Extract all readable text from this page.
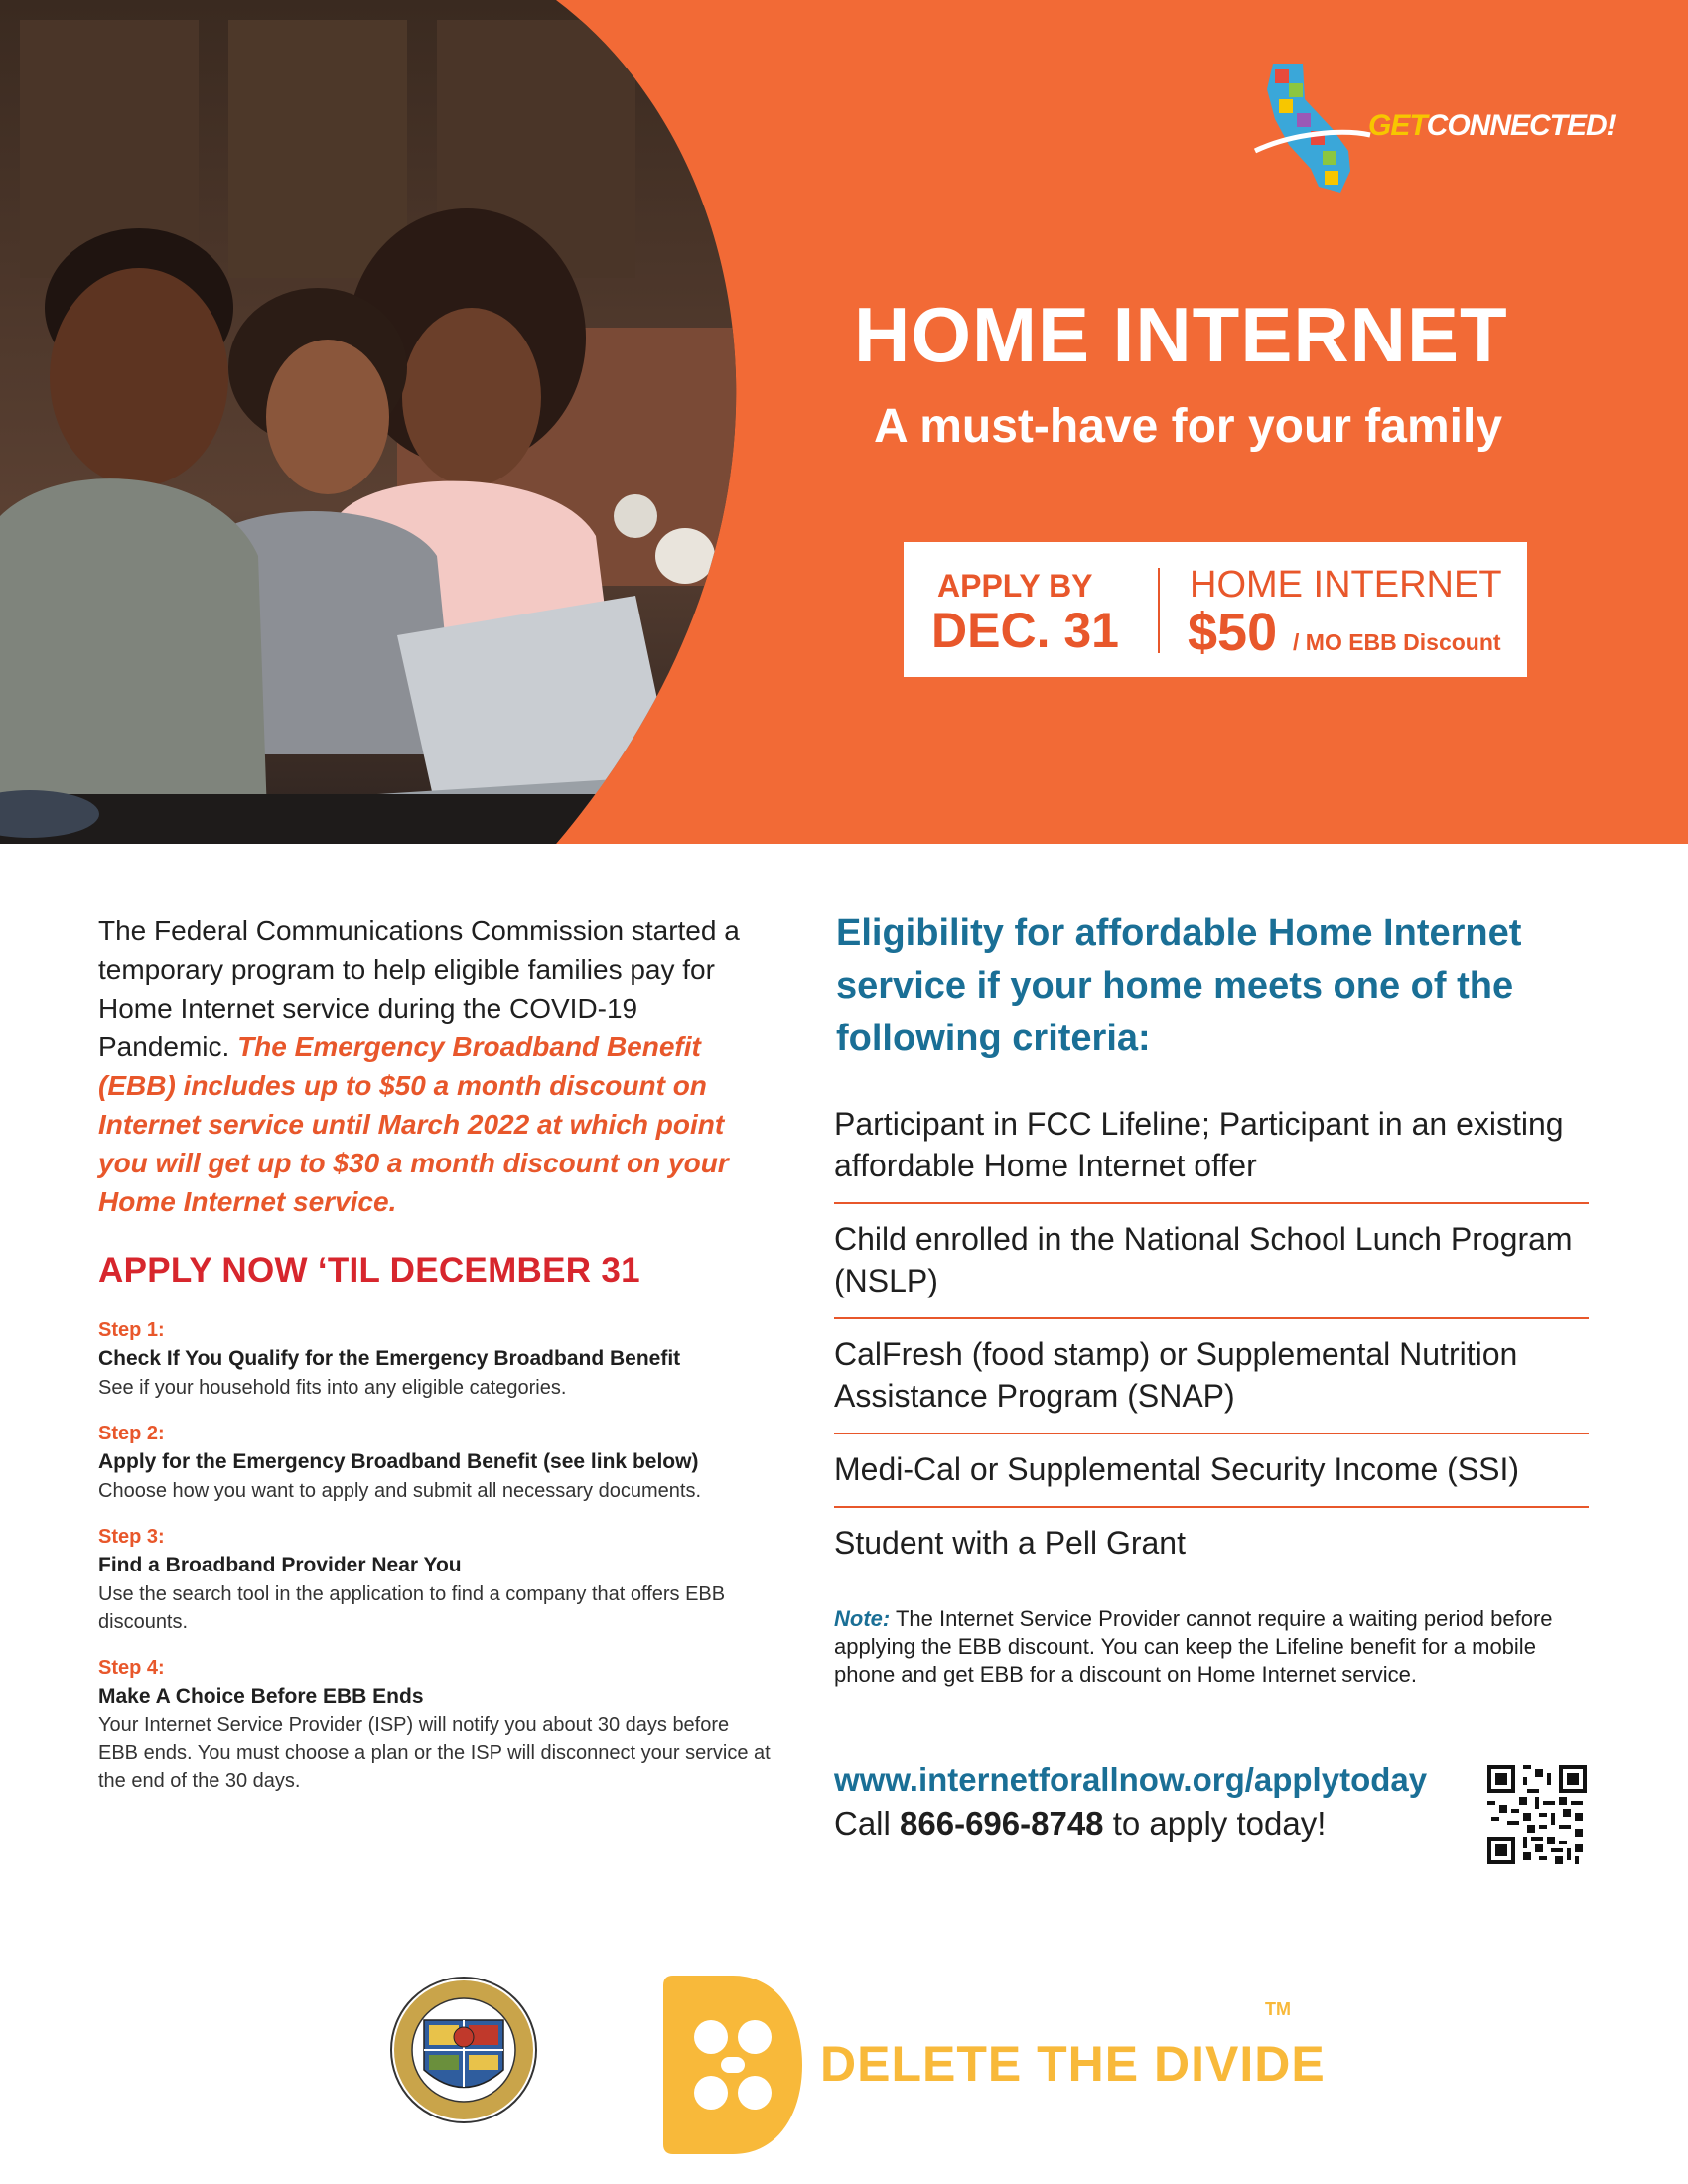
GETCONNECTED!
HOME INTERNET
A must-have for your family
APPLY BY
DEC. 31
HOME INTERNET
$50 / MO EBB Discount

The Federal Communications Commission started a temporary program to help eligible families pay for Home Internet service during the COVID-19 Pandemic. The Emergency Broadband Benefit (EBB) includes up to $50 a month discount on Internet service until March 2022 at which point you will get up to $30 a month discount on your Home Internet service.

APPLY NOW ‘TIL DECEMBER 31
Step 1:
Check If You Qualify for the Emergency Broadband Benefit
See if your household fits into any eligible categories.
Step 2:
Apply for the Emergency Broadband Benefit (see link below)
Choose how you want to apply and submit all necessary documents.
Step 3:
Find a Broadband Provider Near You
Use the search tool in the application to find a company that offers EBB discounts.
Step 4:
Make A Choice Before EBB Ends
Your Internet Service Provider (ISP) will notify you about 30 days before EBB ends. You must choose a plan or the ISP will disconnect your service at the end of the 30 days.
Eligibility for affordable Home Internet service if your home meets one of the following criteria:
Participant in FCC Lifeline; Participant in an existing affordable Home Internet offer
Child enrolled in the National School Lunch Program (NSLP)
CalFresh (food stamp) or Supplemental Nutrition Assistance Program (SNAP)
Medi-Cal or Supplemental Security Income (SSI)
Student with a Pell Grant
Note: The Internet Service Provider cannot require a waiting period before applying the EBB discount. You can keep the Lifeline benefit for a mobile phone and get EBB for a discount on Home Internet service.
www.internetforallnow.org/applytoday
Call 866-696-8748 to apply today!
DELETE THE DIVIDE
TM
